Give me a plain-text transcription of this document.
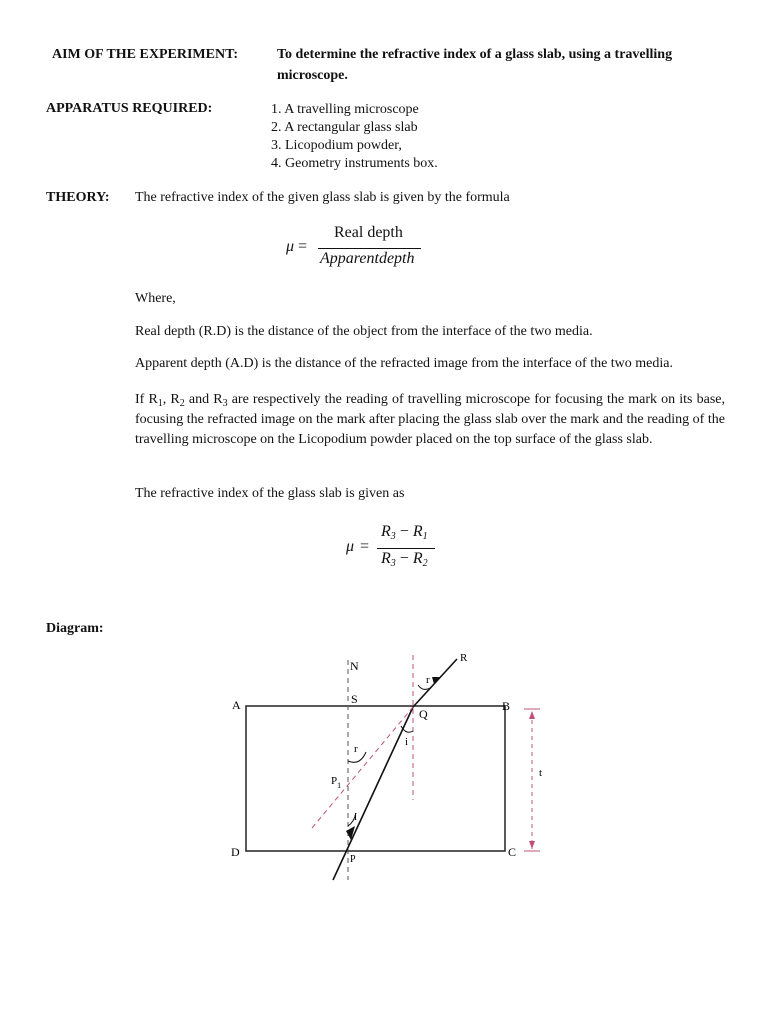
AIM OF THE EXPERIMENT:	To determine the refractive index of a glass slab, using a travelling
microscope.
APPARATUS REQUIRED:	1. A travelling microscope
2. A rectangular glass slab
3. Licopodium powder,
4. Geometry instruments box.
THEORY: The refractive index of the given glass slab is given by the formula
μ =
Real depth
Apparentdepth
Where,
Real depth (R.D) is the distance of the object from the interface of the two media.
Apparent depth (A.D) is the distance of the refracted image from the interface of the two media.
If $R_1$, $R_2$ and $R_3$ are respectively the reading of travelling microscope for focusing the mark on its base, focusing the refracted image on the mark after placing the glass slab over the mark and the reading of the travelling microscope on the Licopodium powder placed on the top surface of the glass slab.
The refractive index of the glass slab is given as
μ =
$R_3 - R_1$
$R_3 - R_2$
Diagram:
A	B
C
D
N
S
Q
R
P
$P_1$
r
r
i
i
t
